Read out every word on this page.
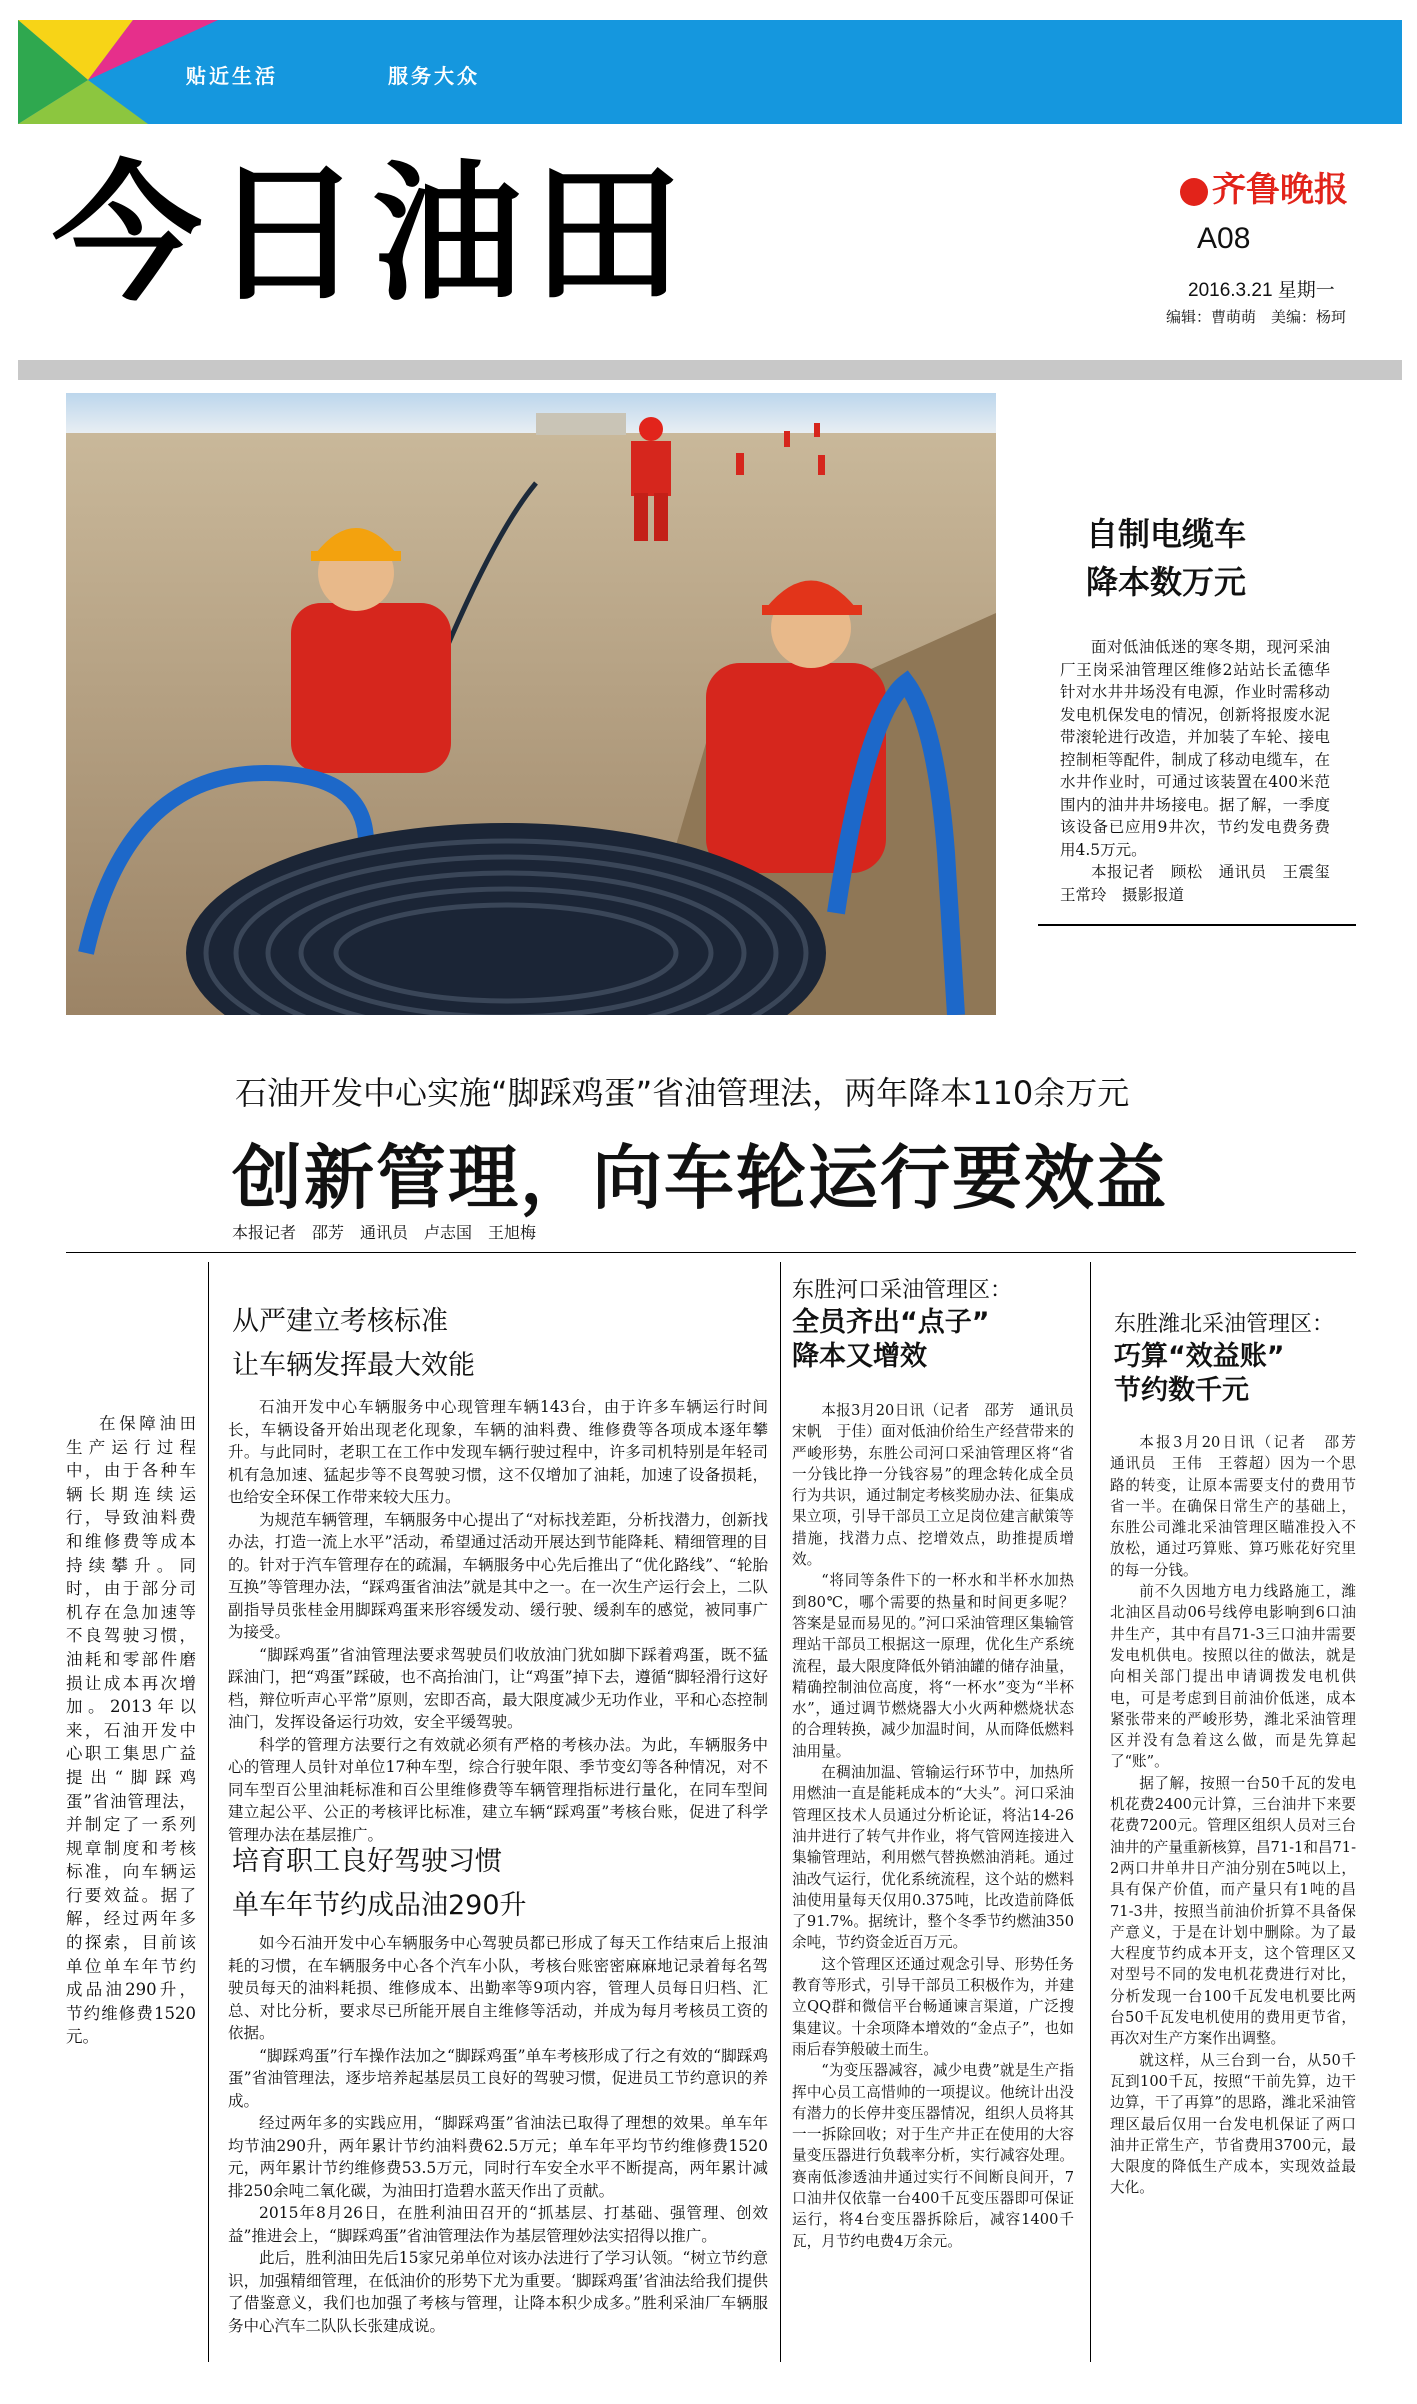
贴近生活	服务大众
今日油田	齐鲁晚报
A08
2016.3.21 星期一
编辑：曹萌萌　美编：杨珂
自制电缆车
降本数万元
面对低油低迷的寒冬期，现河采油厂王岗采油管理区维修2站站长孟德华针对水井井场没有电源，作业时需移动发电机保发电的情况，创新将报废水泥带滚轮进行改造，并加装了车轮、接电控制柜等配件，制成了移动电缆车，在水井作业时，可通过该装置在400米范围内的油井井场接电。据了解，一季度该设备已应用9井次，节约发电费务费用4.5万元。
本报记者　顾松　通讯员　王震玺　王常玲　摄影报道
石油开发中心实施“脚踩鸡蛋”省油管理法，两年降本110余万元
创新管理，向车轮运行要效益
本报记者　邵芳　通讯员　卢志国　王旭梅

在保障油田生产运行过程中，由于各种车辆长期连续运行，导致油料费和维修费等成本持续攀升。同时，由于部分司机存在急加速等不良驾驶习惯，油耗和零部件磨损让成本再次增加。2013年以来，石油开发中心职工集思广益提出“脚踩鸡蛋”省油管理法，并制定了一系列规章制度和考核标准，向车辆运行要效益。据了解，经过两年多的探索，目前该单位单车年节约成品油290升，节约维修费1520元。

从严建立考核标准
让车辆发挥最大效能

石油开发中心车辆服务中心现管理车辆143台，由于许多车辆运行时间长，车辆设备开始出现老化现象，车辆的油料费、维修费等各项成本逐年攀升。与此同时，老职工在工作中发现车辆行驶过程中，许多司机特别是年轻司机有急加速、猛起步等不良驾驶习惯，这不仅增加了油耗，加速了设备损耗，也给安全环保工作带来较大压力。

为规范车辆管理，车辆服务中心提出了“对标找差距，分析找潜力，创新找办法，打造一流上水平”活动，希望通过活动开展达到节能降耗、精细管理的目的。针对于汽车管理存在的疏漏，车辆服务中心先后推出了“优化路线”、“轮胎互换”等管理办法，“踩鸡蛋省油法”就是其中之一。在一次生产运行会上，二队副指导员张桂金用脚踩鸡蛋来形容缓发动、缓行驶、缓刹车的感觉，被同事广为接受。

“脚踩鸡蛋”省油管理法要求驾驶员们收放油门犹如脚下踩着鸡蛋，既不猛踩油门，把“鸡蛋”踩破，也不高抬油门，让“鸡蛋”掉下去，遵循“脚轻滑行这好档，辩位听声心平常”原则，宏即否高，最大限度减少无功作业，平和心态控制油门，发挥设备运行功效，安全平缓驾驶。

科学的管理方法要行之有效就必须有严格的考核办法。为此，车辆服务中心的管理人员针对单位17种车型，综合行驶年限、季节变幻等各种情况，对不同车型百公里油耗标准和百公里维修费等车辆管理指标进行量化，在同车型间建立起公平、公正的考核评比标准，建立车辆“踩鸡蛋”考核台账，促进了科学管理办法在基层推广。

培育职工良好驾驶习惯
单车年节约成品油290升

如今石油开发中心车辆服务中心驾驶员都已形成了每天工作结束后上报油耗的习惯，在车辆服务中心各个汽车小队，考核台账密密麻麻地记录着每名驾驶员每天的油料耗损、维修成本、出勤率等9项内容，管理人员每日归档、汇总、对比分析，要求尽已所能开展自主维修等活动，并成为每月考核员工资的依据。

“脚踩鸡蛋”行车操作法加之“脚踩鸡蛋”单车考核形成了行之有效的“脚踩鸡蛋”省油管理法，逐步培养起基层员工良好的驾驶习惯，促进员工节约意识的养成。

经过两年多的实践应用，“脚踩鸡蛋”省油法已取得了理想的效果。单车年均节油290升，两年累计节约油料费62.5万元；单车年平均节约维修费1520元，两年累计节约维修费53.5万元，同时行车安全水平不断提高，两年累计减排250余吨二氧化碳，为油田打造碧水蓝天作出了贡献。

2015年8月26日，在胜利油田召开的“抓基层、打基础、强管理、创效益”推进会上，“脚踩鸡蛋”省油管理法作为基层管理妙法实招得以推广。

此后，胜利油田先后15家兄弟单位对该办法进行了学习认领。“树立节约意识，加强精细管理，在低油价的形势下尤为重要。‘脚踩鸡蛋’省油法给我们提供了借鉴意义，我们也加强了考核与管理，让降本积少成多。”胜利采油厂车辆服务中心汽车二队队长张建成说。

东胜河口采油管理区：
全员齐出“点子”
降本又增效

本报3月20日讯（记者　邵芳　通讯员　宋帆　于佳）面对低油价给生产经营带来的严峻形势，东胜公司河口采油管理区将“省一分钱比挣一分钱容易”的理念转化成全员行为共识，通过制定考核奖励办法、征集成果立项，引导干部员工立足岗位建言献策等措施，找潜力点、挖增效点，助推提质增效。

“将同等条件下的一杯水和半杯水加热到80℃，哪个需要的热量和时间更多呢？答案是显而易见的。”河口采油管理区集输管理站干部员工根据这一原理，优化生产系统流程，最大限度降低外销油罐的储存油量，精确控制油位高度，将“一杯水”变为“半杯水”，通过调节燃烧器大小火两种燃烧状态的合理转换，减少加温时间，从而降低燃料油用量。

在稠油加温、管输运行环节中，加热所用燃油一直是能耗成本的“大头”。河口采油管理区技术人员通过分析论证，将沾14-26油井进行了转气井作业，将气管网连接进入集输管理站，利用燃气替换燃油消耗。通过油改气运行，优化系统流程，这个站的燃料油使用量每天仅用0.375吨，比改造前降低了91.7%。据统计，整个冬季节约燃油350余吨，节约资金近百万元。

这个管理区还通过观念引导、形势任务教育等形式，引导干部员工积极作为，并建立QQ群和微信平台畅通谏言渠道，广泛搜集建议。十余项降本增效的“金点子”，也如雨后春笋般破土而生。

“为变压器减容，减少电费”就是生产指挥中心员工高惜帅的一项提议。他统计出没有潜力的长停井变压器情况，组织人员将其一一拆除回收；对于生产井正在使用的大容量变压器进行负载率分析，实行减容处理。赛南低渗透油井通过实行不间断良间开，7口油井仅依靠一台400千瓦变压器即可保证运行，将4台变压器拆除后，减容1400千瓦，月节约电费4万余元。

东胜潍北采油管理区：
巧算“效益账”
节约数千元

本报3月20日讯（记者　邵芳　通讯员　王伟　王蓉超）因为一个思路的转变，让原本需要支付的费用节省一半。在确保日常生产的基础上，东胜公司潍北采油管理区瞄准投入不放松，通过巧算账、算巧账花好究里的每一分钱。

前不久因地方电力线路施工，潍北油区昌动06号线停电影响到6口油井生产，其中有昌71-3三口油井需要发电机供电。按照以往的做法，就是向相关部门提出申请调拨发电机供电，可是考虑到目前油价低迷，成本紧张带来的严峻形势，潍北采油管理区并没有急着这么做，而是先算起了“账”。

据了解，按照一台50千瓦的发电机花费2400元计算，三台油井下来要花费7200元。管理区组织人员对三台油井的产量重新核算，昌71-1和昌71-2两口井单井日产油分别在5吨以上，具有保产价值，而产量只有1吨的昌71-3井，按照当前油价折算不具备保产意义，于是在计划中删除。为了最大程度节约成本开支，这个管理区又对型号不同的发电机花费进行对比，分析发现一台100千瓦发电机要比两台50千瓦发电机使用的费用更节省，再次对生产方案作出调整。

就这样，从三台到一台，从50千瓦到100千瓦，按照“干前先算，边干边算，干了再算”的思路，潍北采油管理区最后仅用一台发电机保证了两口油井正常生产，节省费用3700元，最大限度的降低生产成本，实现效益最大化。
